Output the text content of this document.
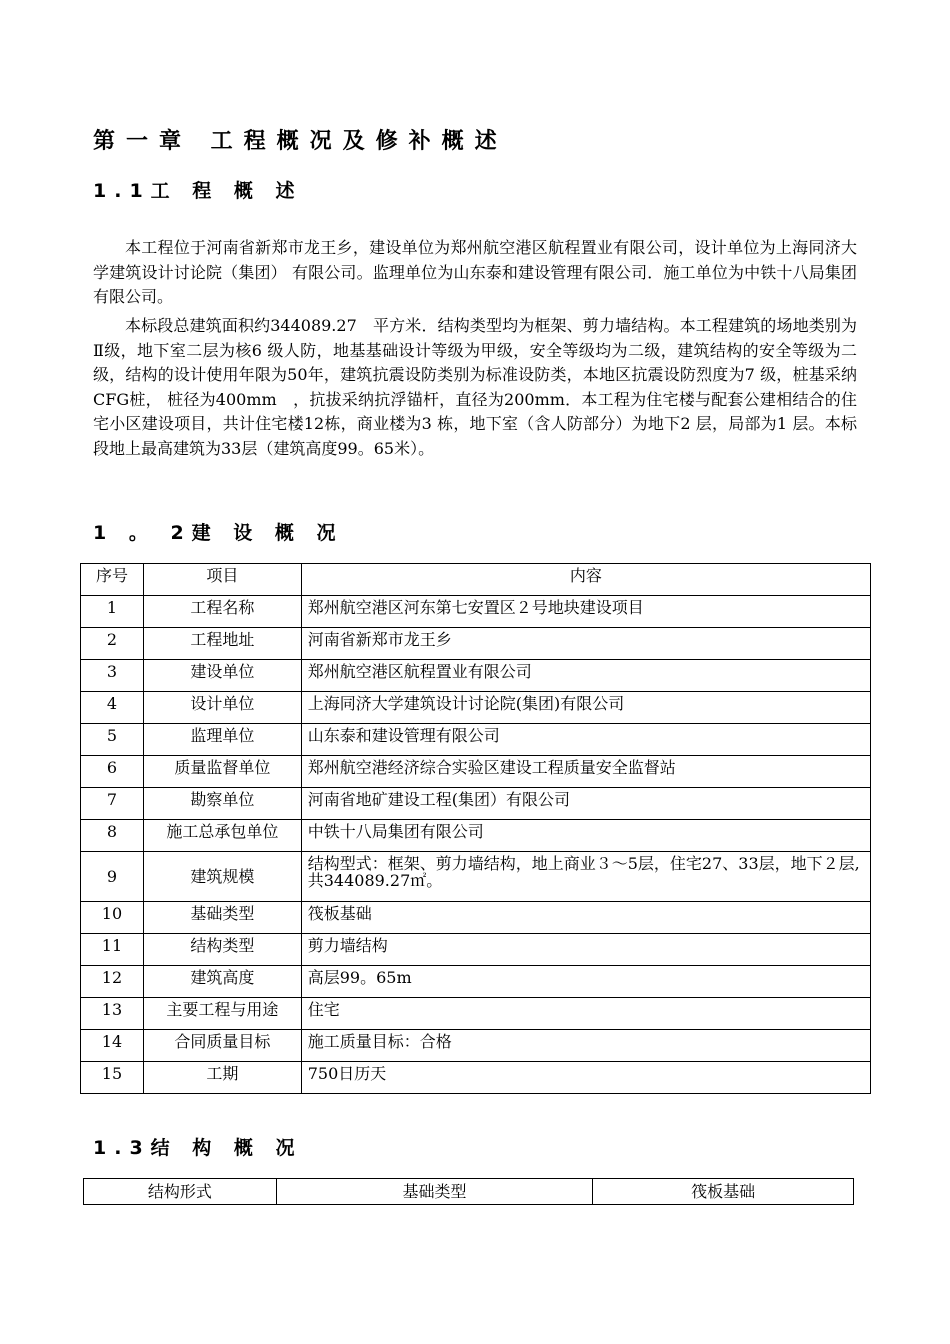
第一章 工程概况及修补概述
1.1工 程 概 述
本工程位于河南省新郑市龙王乡，建设单位为郑州航空港区航程置业有限公司，设计单位为上海同济大学建筑设计讨论院（集团） 有限公司。监理单位为山东泰和建设管理有限公司．施工单位为中铁十八局集团有限公司。
本标段总建筑面积约344089.27　平方米．结构类型均为框架、剪力墙结构。本工程建筑的场地类别为Ⅱ级，地下室二层为核6 级人防，地基基础设计等级为甲级，安全等级均为二级，建筑结构的安全等级为二级，结构的设计使用年限为50年，建筑抗震设防类别为标准设防类，本地区抗震设防烈度为7 级，桩基采纳CFG桩， 桩径为400mm　，抗拔采纳抗浮锚杆，直径为200mm．本工程为住宅楼与配套公建相结合的住宅小区建设项目，共计住宅楼12栋，商业楼为3 栋，地下室（含人防部分）为地下2 层，局部为1 层。本标段地上最高建筑为33层（建筑高度99。65米）。
1 。 2建 设 概 况
序号	项目	内容
1	工程名称	郑州航空港区河东第七安置区２号地块建设项目
2	工程地址	河南省新郑市龙王乡
3	建设单位	郑州航空港区航程置业有限公司
4	设计单位	上海同济大学建筑设计讨论院(集团)有限公司
5	监理单位	山东泰和建设管理有限公司
6	质量监督单位	郑州航空港经济综合实验区建设工程质量安全监督站
7	勘察单位	河南省地矿建设工程(集团）有限公司
8	施工总承包单位	中铁十八局集团有限公司
9	建筑规模	结构型式：框架、剪力墙结构，地上商业３～5层，住宅27、33层，地下２层,共344089.27㎡。
10	基础类型	筏板基础
11	结构类型	剪力墙结构
12	建筑高度	高层99。65m
13	主要工程与用途	住宅
14	合同质量目标	施工质量目标：合格
15	工期	750日历天
1.3结 构 概 况
结构形式	基础类型	筏板基础
